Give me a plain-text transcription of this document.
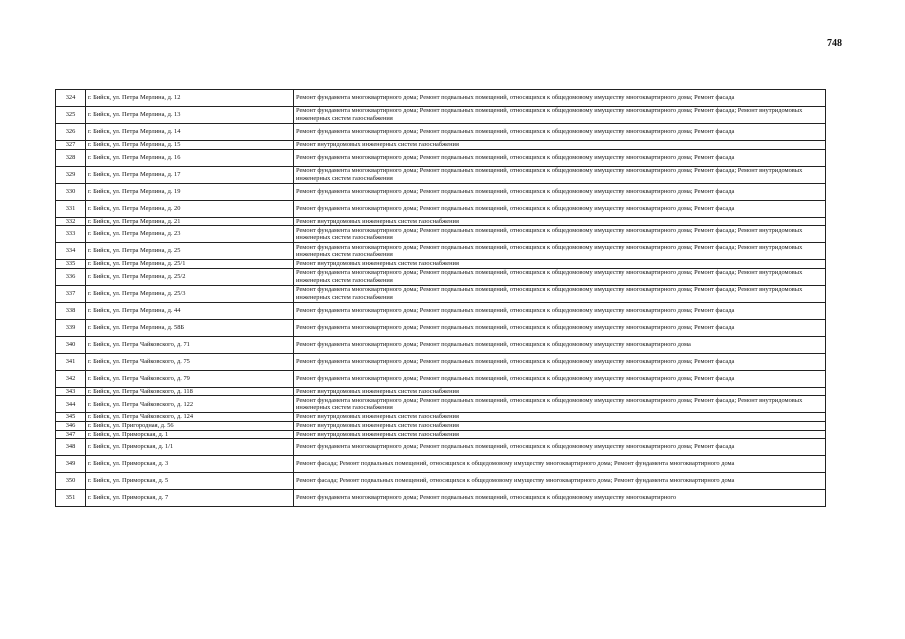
748
324	г. Бийск, ул. Петра Мерлина, д. 12	Ремонт фундамента многоквартирного дома; Ремонт подвальных помещений, относящихся к общедомовому имуществу многоквартирного дома; Ремонт фасада
325	г. Бийск, ул. Петра Мерлина, д. 13	Ремонт фундамента многоквартирного дома; Ремонт подвальных помещений, относящихся к общедомовому имуществу многоквартирного дома; Ремонт фасада; Ремонт внутридомовых инженерных систем газоснабжения
326	г. Бийск, ул. Петра Мерлина, д. 14	Ремонт фундамента многоквартирного дома; Ремонт подвальных помещений, относящихся к общедомовому имуществу многоквартирного дома; Ремонт фасада
327	г. Бийск, ул. Петра Мерлина, д. 15	Ремонт внутридомовых инженерных систем газоснабжения
328	г. Бийск, ул. Петра Мерлина, д. 16	Ремонт фундамента многоквартирного дома; Ремонт подвальных помещений, относящихся к общедомовому имуществу многоквартирного дома; Ремонт фасада
329	г. Бийск, ул. Петра Мерлина, д. 17	Ремонт фундамента многоквартирного дома; Ремонт подвальных помещений, относящихся к общедомовому имуществу многоквартирного дома; Ремонт фасада; Ремонт внутридомовых инженерных систем газоснабжения
330	г. Бийск, ул. Петра Мерлина, д. 19	Ремонт фундамента многоквартирного дома; Ремонт подвальных помещений, относящихся к общедомовому имуществу многоквартирного дома; Ремонт фасада
331	г. Бийск, ул. Петра Мерлина, д. 20	Ремонт фундамента многоквартирного дома; Ремонт подвальных помещений, относящихся к общедомовому имуществу многоквартирного дома; Ремонт фасада
332	г. Бийск, ул. Петра Мерлина, д. 21	Ремонт внутридомовых инженерных систем газоснабжения
333	г. Бийск, ул. Петра Мерлина, д. 23	Ремонт фундамента многоквартирного дома; Ремонт подвальных помещений, относящихся к общедомовому имуществу многоквартирного дома; Ремонт фасада; Ремонт внутридомовых инженерных систем газоснабжения
334	г. Бийск, ул. Петра Мерлина, д. 25	Ремонт фундамента многоквартирного дома; Ремонт подвальных помещений, относящихся к общедомовому имуществу многоквартирного дома; Ремонт фасада; Ремонт внутридомовых инженерных систем газоснабжения
335	г. Бийск, ул. Петра Мерлина, д. 25/1	Ремонт внутридомовых инженерных систем газоснабжения
336	г. Бийск, ул. Петра Мерлина, д. 25/2	Ремонт фундамента многоквартирного дома; Ремонт подвальных помещений, относящихся к общедомовому имуществу многоквартирного дома; Ремонт фасада; Ремонт внутридомовых инженерных систем газоснабжения
337	г. Бийск, ул. Петра Мерлина, д. 25/3	Ремонт фундамента многоквартирного дома; Ремонт подвальных помещений, относящихся к общедомовому имуществу многоквартирного дома; Ремонт фасада; Ремонт внутридомовых инженерных систем газоснабжения
338	г. Бийск, ул. Петра Мерлина, д. 44	Ремонт фундамента многоквартирного дома; Ремонт подвальных помещений, относящихся к общедомовому имуществу многоквартирного дома; Ремонт фасада
339	г. Бийск, ул. Петра Мерлина, д. 58Б	Ремонт фундамента многоквартирного дома; Ремонт подвальных помещений, относящихся к общедомовому имуществу многоквартирного дома; Ремонт фасада
340	г. Бийск, ул. Петра Чайковского, д. 71	Ремонт фундамента многоквартирного дома; Ремонт подвальных помещений, относящихся к общедомовому имуществу многоквартирного дома
341	г. Бийск, ул. Петра Чайковского, д. 75	Ремонт фундамента многоквартирного дома; Ремонт подвальных помещений, относящихся к общедомовому имуществу многоквартирного дома; Ремонт фасада
342	г. Бийск, ул. Петра Чайковского, д. 79	Ремонт фундамента многоквартирного дома; Ремонт подвальных помещений, относящихся к общедомовому имуществу многоквартирного дома; Ремонт фасада
343	г. Бийск, ул. Петра Чайковского, д. 118	Ремонт внутридомовых инженерных систем газоснабжения
344	г. Бийск, ул. Петра Чайковского, д. 122	Ремонт фундамента многоквартирного дома; Ремонт подвальных помещений, относящихся к общедомовому имуществу многоквартирного дома; Ремонт фасада; Ремонт внутридомовых инженерных систем газоснабжения
345	г. Бийск, ул. Петра Чайковского, д. 124	Ремонт внутридомовых инженерных систем газоснабжения
346	г. Бийск, ул. Пригородная, д. 56	Ремонт внутридомовых инженерных систем газоснабжения
347	г. Бийск, ул. Приморская, д. 1	Ремонт внутридомовых инженерных систем газоснабжения
348	г. Бийск, ул. Приморская, д. 1/1	Ремонт фундамента многоквартирного дома; Ремонт подвальных помещений, относящихся к общедомовому имуществу многоквартирного дома; Ремонт фасада
349	г. Бийск, ул. Приморская, д. 3	Ремонт фасада; Ремонт подвальных помещений, относящихся к общедомовому имуществу многоквартирного дома; Ремонт фундамента многоквартирного дома
350	г. Бийск, ул. Приморская, д. 5	Ремонт фасада; Ремонт подвальных помещений, относящихся к общедомовому имуществу многоквартирного дома; Ремонт фундамента многоквартирного дома
351	г. Бийск, ул. Приморская, д. 7	Ремонт фундамента многоквартирного дома; Ремонт подвальных помещений, относящихся к общедомовому имуществу многоквартирного
